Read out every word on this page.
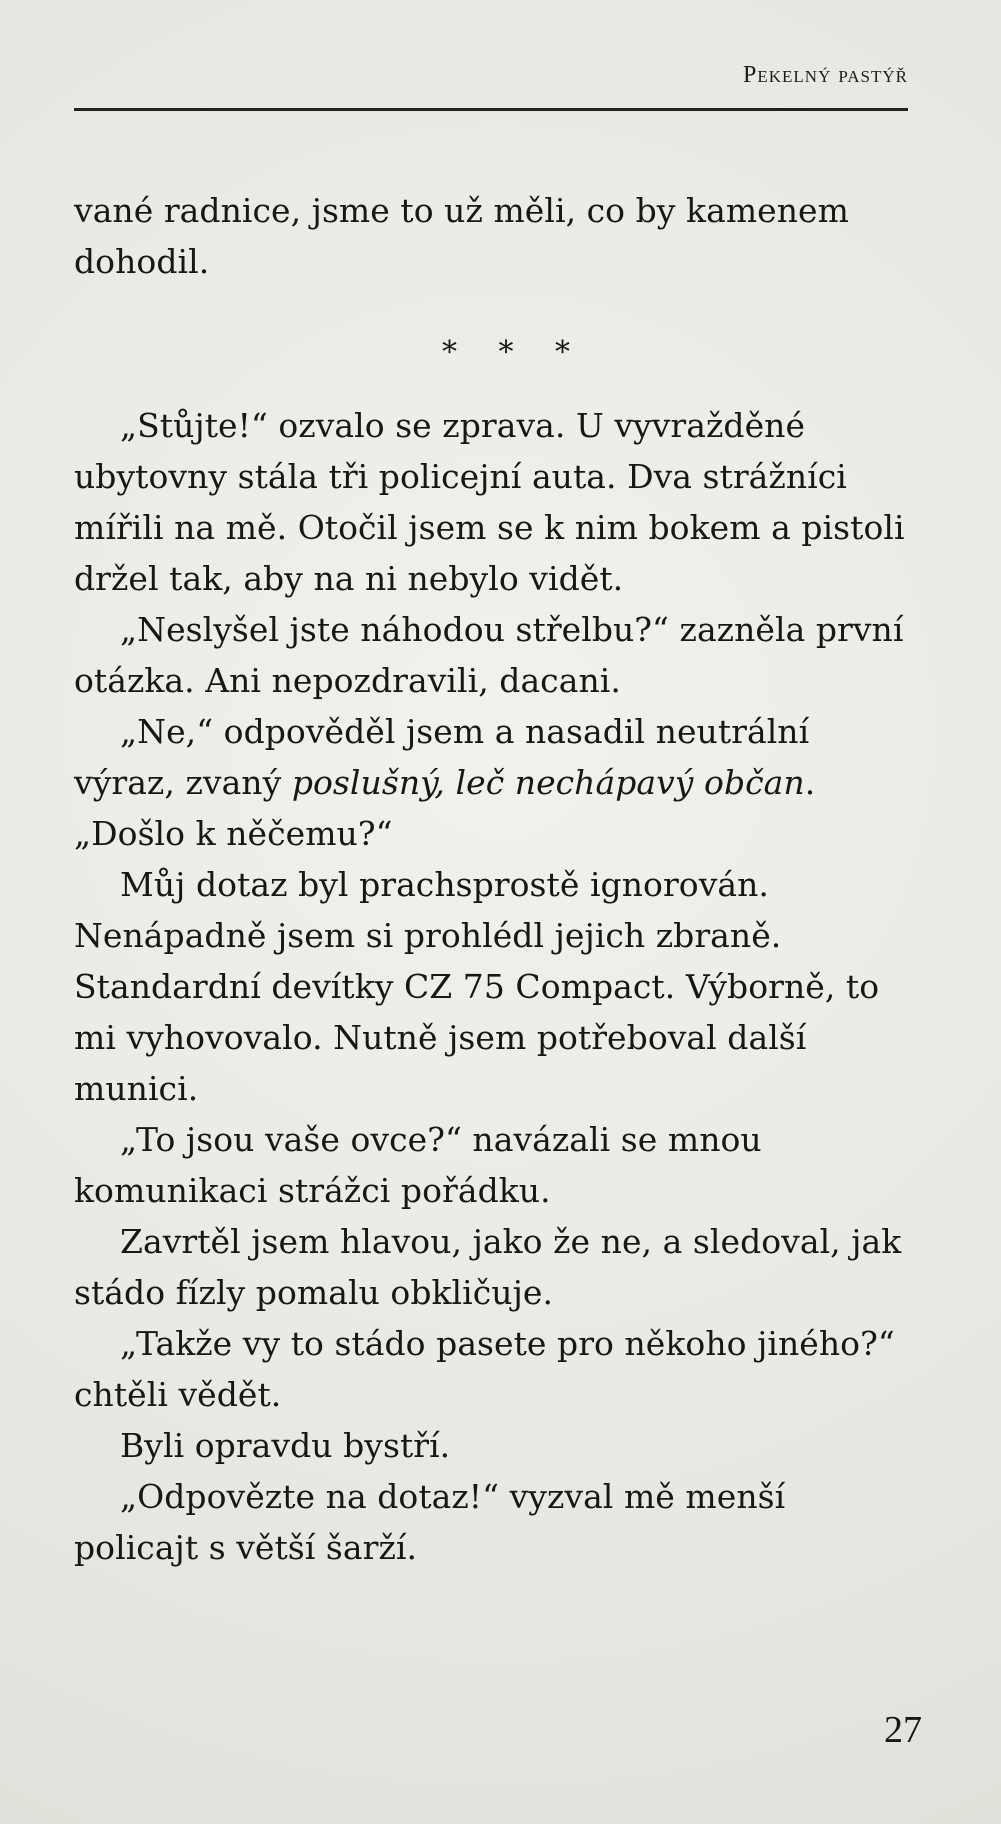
Pekelný pastýř

vané radnice, jsme to už měli, co by kamenem dohodil.

* * *

„Stůjte!“ ozvalo se zprava. U vyvražděné ubytovny stála tři policejní auta. Dva strážníci mířili na mě. Otočil jsem se k nim bokem a pistoli držel tak, aby na ni nebylo vidět.

„Neslyšel jste náhodou střelbu?“ zazněla první otázka. Ani nepozdravili, dacani.

„Ne,“ odpověděl jsem a nasadil neutrální výraz, zvaný poslušný, leč nechápavý občan. „Došlo k něčemu?“

Můj dotaz byl prachsprostě ignorován. Nenápadně jsem si prohlédl jejich zbraně. Standardní devítky CZ 75 Compact. Výborně, to mi vyhovovalo. Nutně jsem potřeboval další munici.

„To jsou vaše ovce?“ navázali se mnou komunikaci strážci pořádku.

Zavrtěl jsem hlavou, jako že ne, a sledoval, jak stádo fízly pomalu obkličuje.

„Takže vy to stádo pasete pro někoho jiného?“ chtěli vědět.

Byli opravdu bystří.

„Odpovězte na dotaz!“ vyzval mě menší policajt s větší šarží.

27
